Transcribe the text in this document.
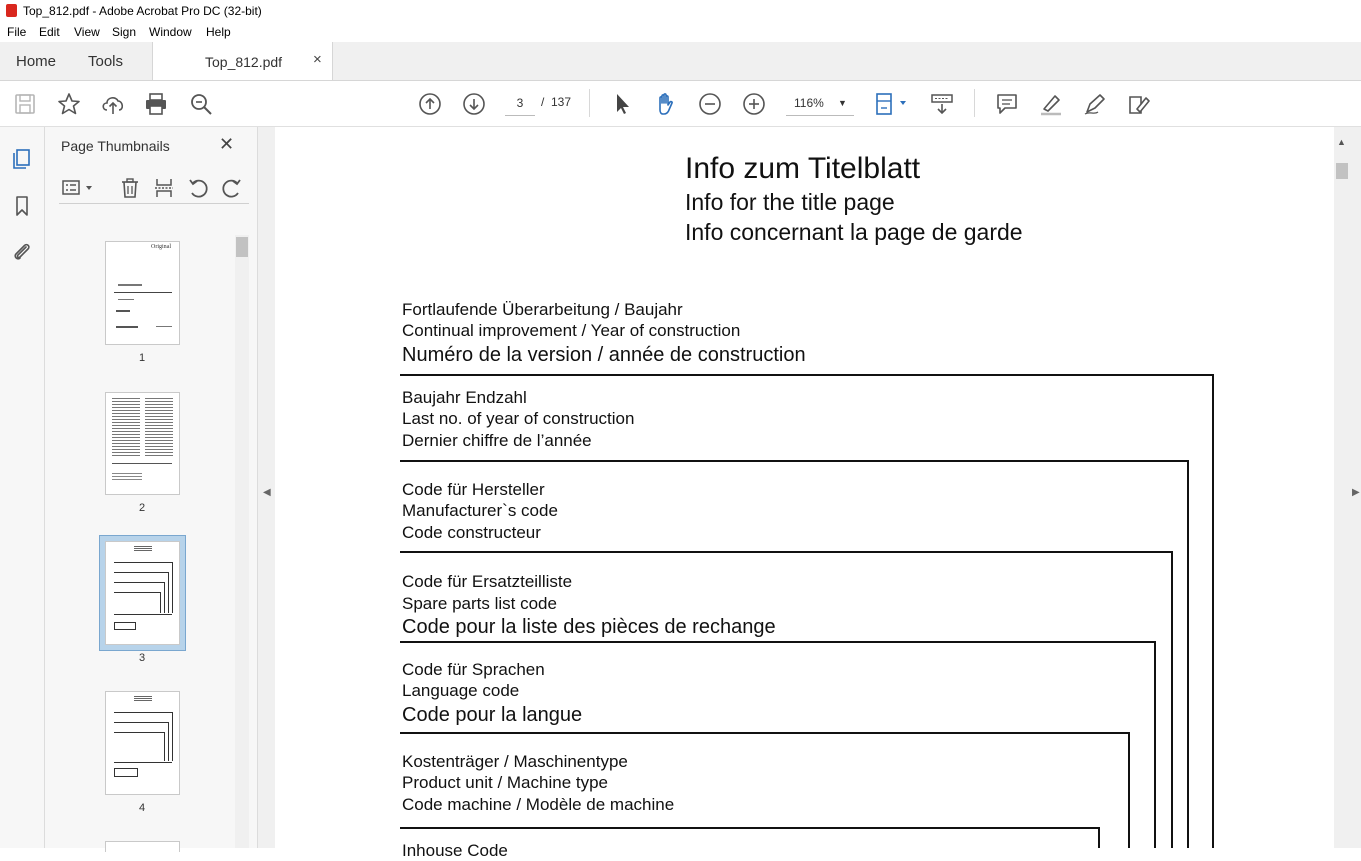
Top_812.pdf - Adobe Acrobat Pro DC (32-bit)
File Edit View Sign Window Help
Home Tools	Top_812.pdf ×
3	/ 137	116% ▼
Page Thumbnails	✕
Original
1
2
3
4
◀
Info zum Titelblatt
Info for the title page
Info concernant la page de garde
Fortlaufende Überarbeitung / Baujahr
Continual improvement / Year of construction
Numéro de la version / année de construction
Baujahr Endzahl
Last no. of year of construction
Dernier chiffre de l’année
Code für Hersteller
Manufacturer`s code
Code constructeur
Code für Ersatzteilliste
Spare parts list code
Code pour la liste des pièces de rechange
Code für Sprachen
Language code
Code pour la langue
Kostenträger / Maschinentype
Product unit / Machine type
Code machine / Modèle de machine
Inhouse Code
▲
▶
